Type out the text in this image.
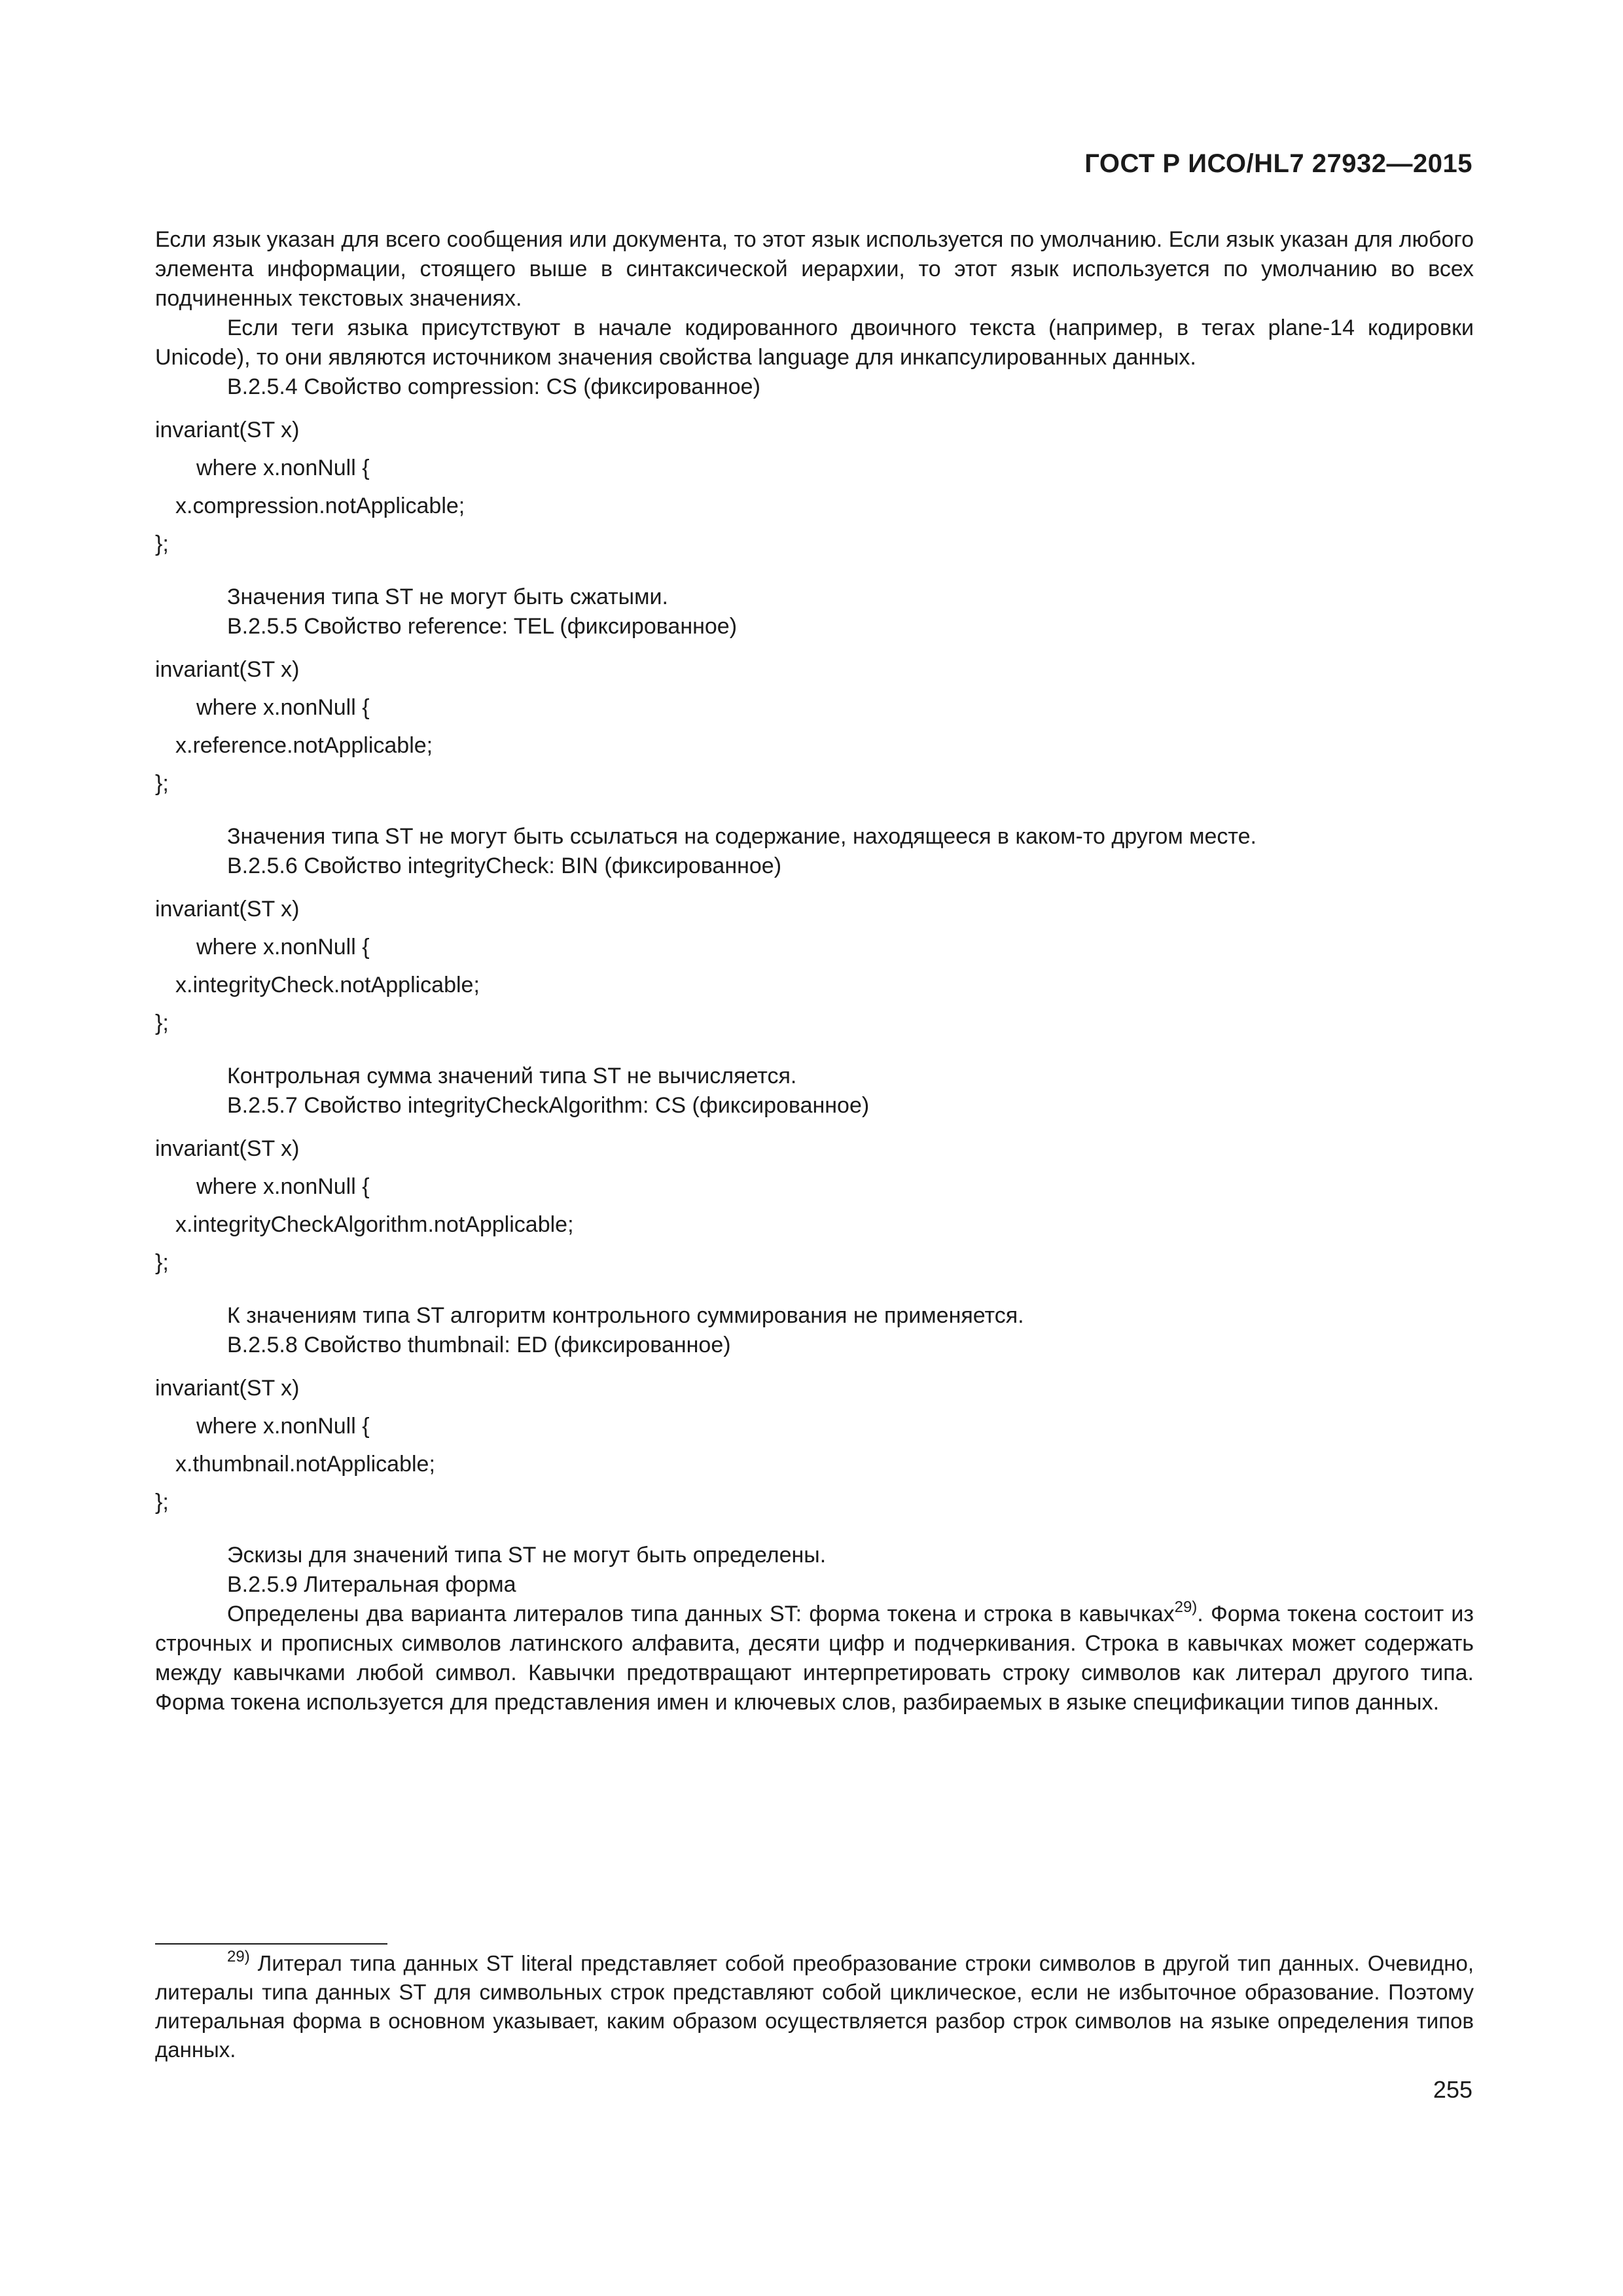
ГОСТ Р ИСО/HL7 27932—2015

Если язык указан для всего сообщения или документа, то этот язык используется по умолчанию. Если язык указан для любого элемента информации, стоящего выше в синтаксической иерархии, то этот язык используется по умолчанию во всех подчиненных текстовых значениях.

Если теги языка присутствуют в начале кодированного двоичного текста (например, в тегах plane-14 кодировки Unicode), то они являются источником значения свойства language для инкапсулированных данных.

B.2.5.4 Свойство compression: CS (фиксированное)

invariant(ST x)

where x.nonNull {

x.compression.notApplicable;

};

Значения типа ST не могут быть сжатыми.

B.2.5.5 Свойство reference: TEL (фиксированное)

invariant(ST x)

where x.nonNull {

x.reference.notApplicable;

};

Значения типа ST не могут быть ссылаться на содержание, находящееся в каком-то другом месте.

B.2.5.6 Свойство integrityCheck: BIN (фиксированное)

invariant(ST x)

where x.nonNull {

x.integrityCheck.notApplicable;

};

Контрольная сумма значений типа ST не вычисляется.

B.2.5.7 Свойство integrityCheckAlgorithm: CS (фиксированное)

invariant(ST x)

where x.nonNull {

x.integrityCheckAlgorithm.notApplicable;

};

К значениям типа ST алгоритм контрольного суммирования не применяется.

B.2.5.8 Свойство thumbnail: ED (фиксированное)

invariant(ST x)

where x.nonNull {

x.thumbnail.notApplicable;

};

Эскизы для значений типа ST не могут быть определены.

B.2.5.9 Литеральная форма

Определены два варианта литералов типа данных ST: форма токена и строка в кавычках$^{29)}$. Форма токена состоит из строчных и прописных символов латинского алфавита, десяти цифр и подчеркивания. Строка в кавычках может содержать между кавычками любой символ. Кавычки предотвращают интерпретировать строку символов как литерал другого типа. Форма токена используется для представления имен и ключевых слов, разбираемых в языке спецификации типов данных.

$^{29)}$ Литерал типа данных ST literal представляет собой преобразование строки символов в другой тип данных. Очевидно, литералы типа данных ST для символьных строк представляют собой циклическое, если не избыточное образование. Поэтому литеральная форма в основном указывает, каким образом осуществляется разбор строк символов на языке определения типов данных.

255
